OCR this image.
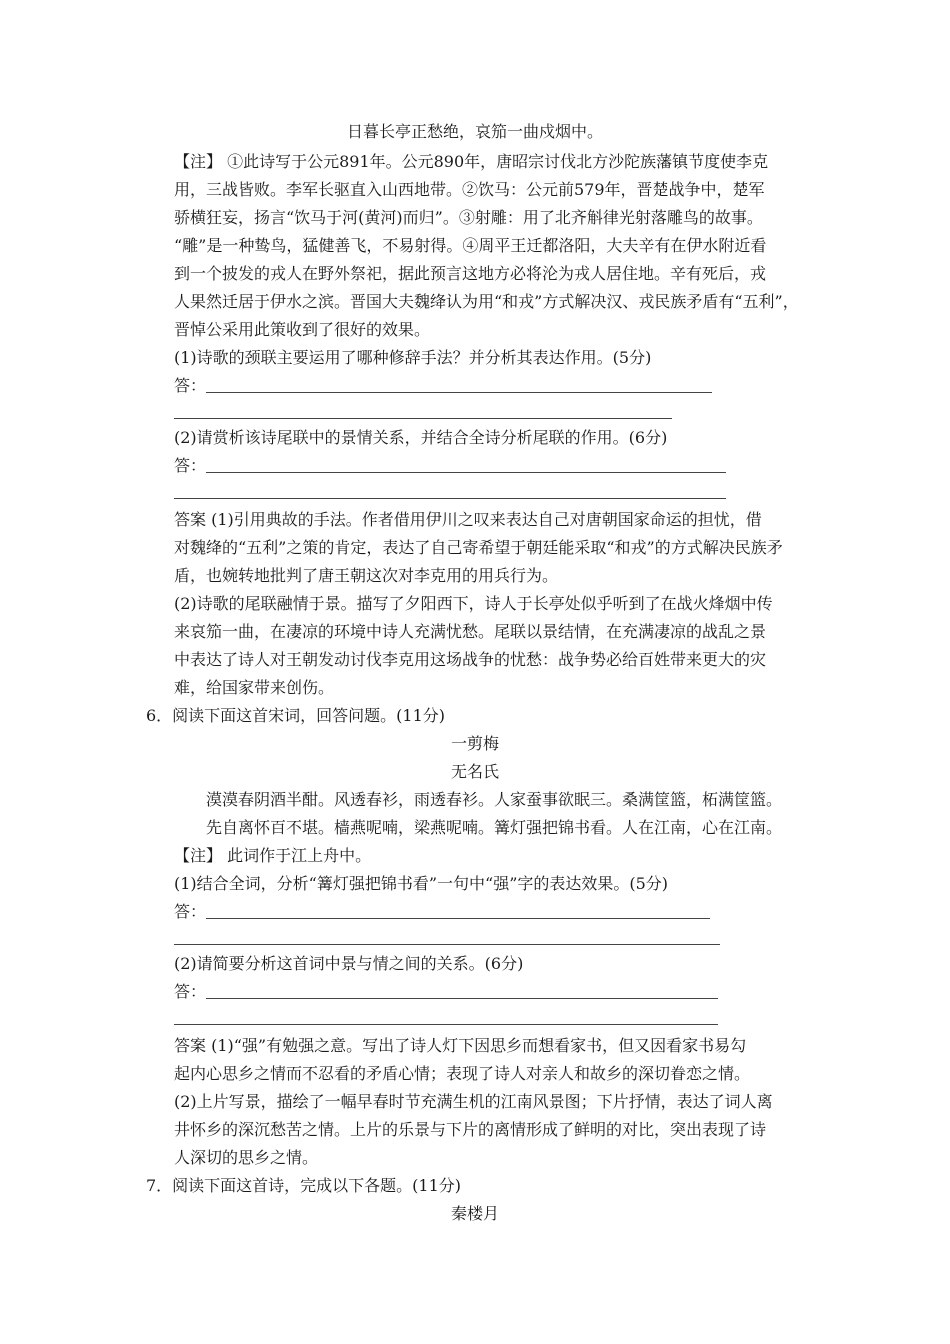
日暮长亭正愁绝，哀笳一曲戍烟中。
【注】 ①此诗写于公元891年。公元890年，唐昭宗讨伐北方沙陀族藩镇节度使李克
用，三战皆败。李军长驱直入山西地带。②饮马：公元前579年，晋楚战争中，楚军
骄横狂妄，扬言“饮马于河(黄河)而归”。③射雕：用了北齐斛律光射落雕鸟的故事。
“雕”是一种鸷鸟，猛健善飞，不易射得。④周平王迁都洛阳，大夫辛有在伊水附近看
到一个披发的戎人在野外祭祀，据此预言这地方必将沦为戎人居住地。辛有死后，戎
人果然迁居于伊水之滨。晋国大夫魏绛认为用“和戎”方式解决汉、戎民族矛盾有“五利”，
晋悼公采用此策收到了很好的效果。
(1)诗歌的颈联主要运用了哪种修辞手法？并分析其表达作用。(5分)
答：
(2)请赏析该诗尾联中的景情关系，并结合全诗分析尾联的作用。(6分)
答：
答案 (1)引用典故的手法。作者借用伊川之叹来表达自己对唐朝国家命运的担忧，借
对魏绛的“五利”之策的肯定，表达了自己寄希望于朝廷能采取“和戎”的方式解决民族矛
盾，也婉转地批判了唐王朝这次对李克用的用兵行为。
(2)诗歌的尾联融情于景。描写了夕阳西下，诗人于长亭处似乎听到了在战火烽烟中传
来哀笳一曲，在凄凉的环境中诗人充满忧愁。尾联以景结情，在充满凄凉的战乱之景
中表达了诗人对王朝发动讨伐李克用这场战争的忧愁：战争势必给百姓带来更大的灾
难，给国家带来创伤。
6．阅读下面这首宋词，回答问题。(11分)
一剪梅
无名氏
漠漠春阴酒半酣。风透春衫，雨透春衫。人家蚕事欲眠三。桑满筐篮，柘满筐篮。
先自离怀百不堪。樯燕呢喃，梁燕呢喃。篝灯强把锦书看。人在江南，心在江南。
【注】 此词作于江上舟中。
(1)结合全词，分析“篝灯强把锦书看”一句中“强”字的表达效果。(5分)
答：
(2)请简要分析这首词中景与情之间的关系。(6分)
答：
答案 (1)“强”有勉强之意。写出了诗人灯下因思乡而想看家书，但又因看家书易勾
起内心思乡之情而不忍看的矛盾心情；表现了诗人对亲人和故乡的深切眷恋之情。
(2)上片写景，描绘了一幅早春时节充满生机的江南风景图；下片抒情，表达了词人离
井怀乡的深沉愁苦之情。上片的乐景与下片的离情形成了鲜明的对比，突出表现了诗
人深切的思乡之情。
7．阅读下面这首诗，完成以下各题。(11分)
秦楼月
